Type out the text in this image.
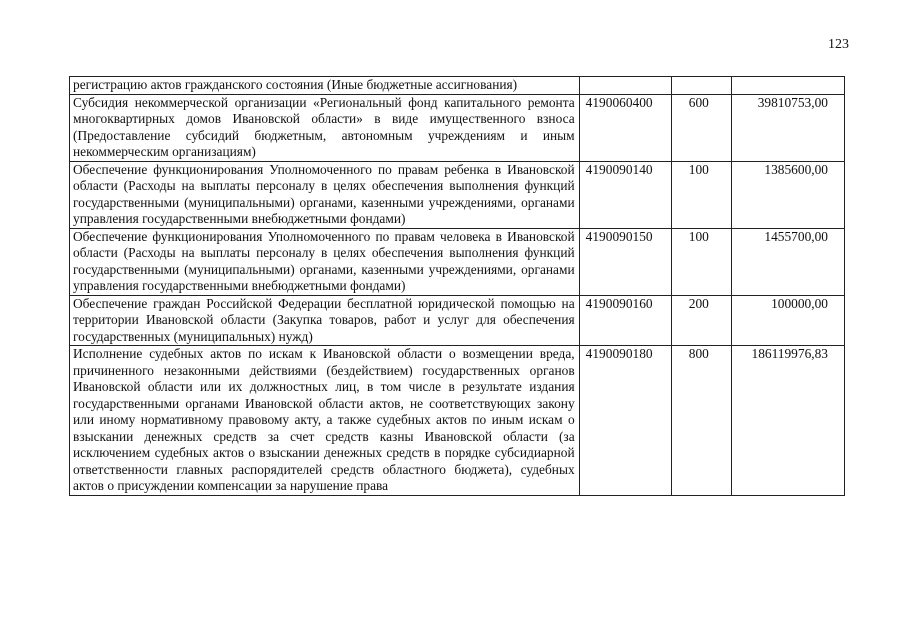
123
регистрацию актов гражданского состояния (Иные бюджетные ассигнования)			
Субсидия некоммерческой организации «Региональный фонд капитального ремонта многоквартирных домов Ивановской области» в виде имущественного взноса (Предоставление субсидий бюджетным, автономным учреждениям и иным некоммерческим организациям)	4190060400	600	39810753,00
Обеспечение функционирования Уполномоченного по правам ребенка в Ивановской области (Расходы на выплаты персоналу в целях обеспечения выполнения функций государственными (муниципальными) органами, казенными учреждениями, органами управления государственными внебюджетными фондами)	4190090140	100	1385600,00
Обеспечение функционирования Уполномоченного по правам человека в Ивановской области (Расходы на выплаты персоналу в целях обеспечения выполнения функций государственными (муниципальными) органами, казенными учреждениями, органами управления государственными внебюджетными фондами)	4190090150	100	1455700,00
Обеспечение граждан Российской Федерации бесплатной юридической помощью на территории Ивановской области (Закупка товаров, работ и услуг для обеспечения государственных (муниципальных) нужд)	4190090160	200	100000,00
Исполнение судебных актов по искам к Ивановской области о возмещении вреда, причиненного незаконными действиями (бездействием) государственных органов Ивановской области или их должностных лиц, в том числе в результате издания государственными органами Ивановской области актов, не соответствующих закону или иному нормативному правовому акту, а также судебных актов по иным искам о взыскании денежных средств за счет средств казны Ивановской области (за исключением судебных актов о взыскании денежных средств в порядке субсидиарной ответственности главных распорядителей средств областного бюджета), судебных актов о присуждении компенсации за нарушение права	4190090180	800	186119976,83
